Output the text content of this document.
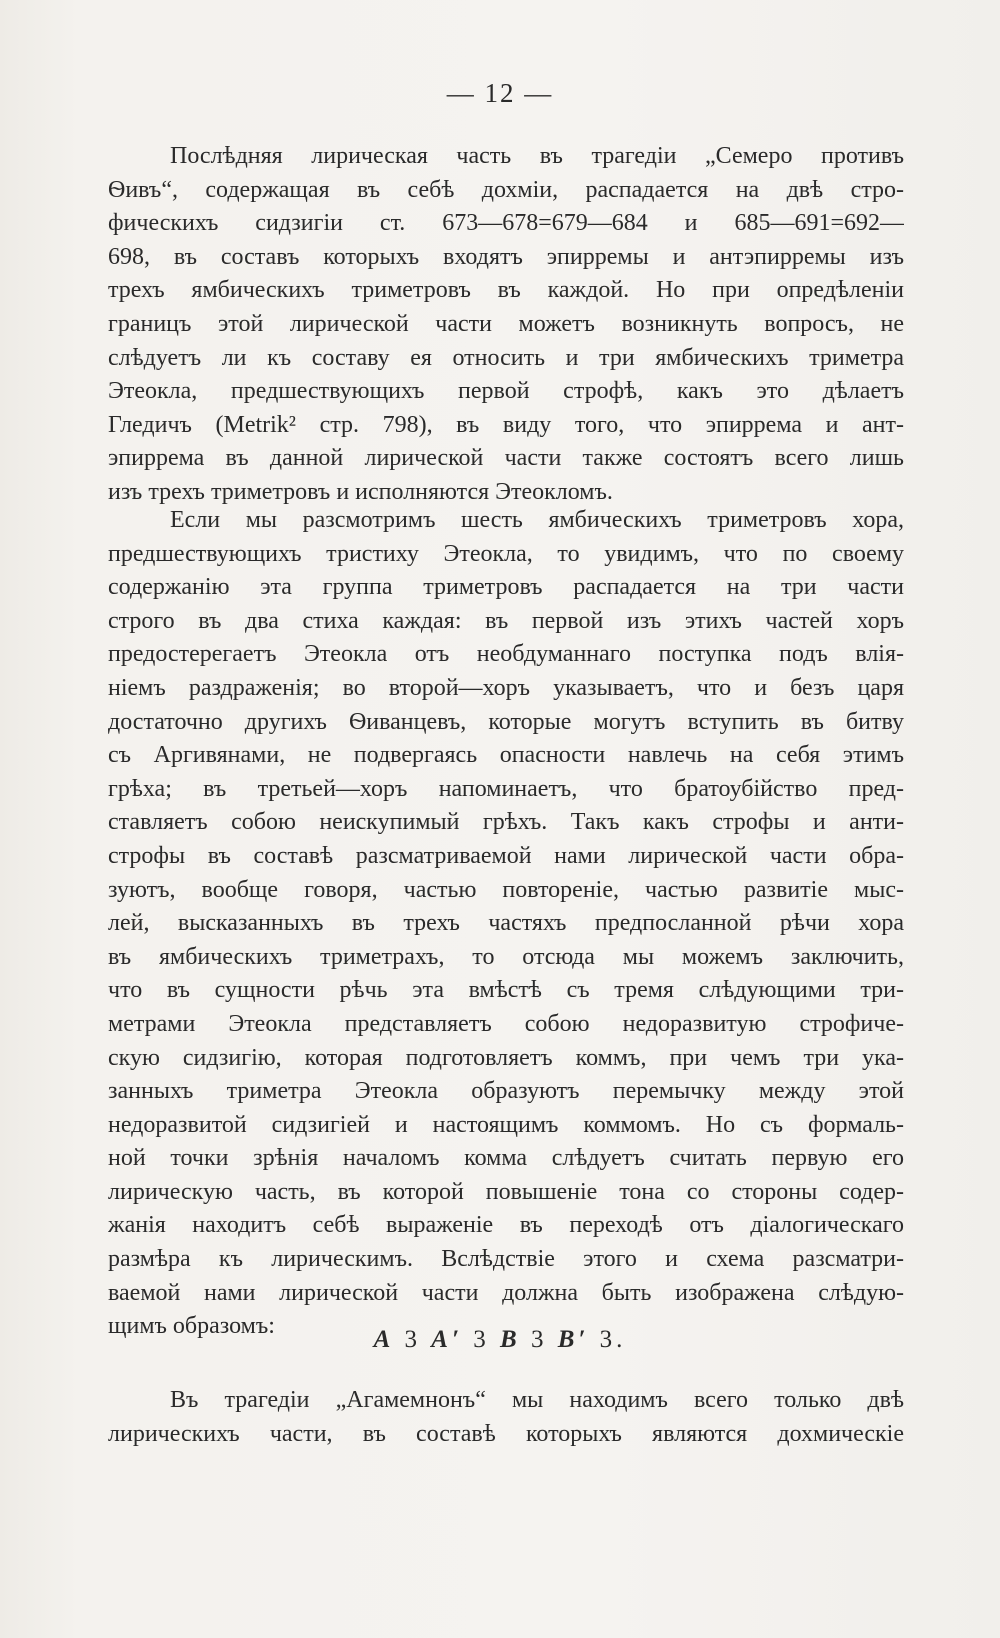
— 12 —
Послѣдняя лирическая часть въ трагедіи „Семеро противъ
Ѳивъ“, содержащая въ себѣ дохміи, распадается на двѣ стро-
фическихъ сидзигіи ст. 673—678=679—684 и 685—691=692—
698, въ составъ которыхъ входятъ эпирремы и антэпирремы изъ
трехъ ямбическихъ триметровъ въ каждой. Но при опредѣленіи
границъ этой лирической части можетъ возникнуть вопросъ, не
слѣдуетъ ли къ составу ея относить и три ямбическихъ триметра
Этеокла, предшествующихъ первой строфѣ, какъ это дѣлаетъ
Гледичъ (Metrik² стр. 798), въ виду того, что эпиррема и ант-
эпиррема въ данной лирической части также состоятъ всего лишь
изъ трехъ триметровъ и исполняются Этеокломъ.
Если мы разсмотримъ шесть ямбическихъ триметровъ хора,
предшествующихъ тристиху Этеокла, то увидимъ, что по своему
содержанію эта группа триметровъ распадается на три части
строго въ два стиха каждая: въ первой изъ этихъ частей хоръ
предостерегаетъ Этеокла отъ необдуманнаго поступка подъ влія-
ніемъ раздраженія; во второй—хоръ указываетъ, что и безъ царя
достаточно другихъ Ѳиванцевъ, которые могутъ вступить въ битву
съ Аргивянами, не подвергаясь опасности навлечь на себя этимъ
грѣха; въ третьей—хоръ напоминаетъ, что братоубійство пред-
ставляетъ собою неискупимый грѣхъ. Такъ какъ строфы и анти-
строфы въ составѣ разсматриваемой нами лирической части обра-
зуютъ, вообще говоря, частью повтореніе, частью развитіе мыс-
лей, высказанныхъ въ трехъ частяхъ предпосланной рѣчи хора
въ ямбическихъ триметрахъ, то отсюда мы можемъ заключить,
что въ сущности рѣчь эта вмѣстѣ съ тремя слѣдующими три-
метрами Этеокла представляетъ собою недоразвитую строфиче-
скую сидзигію, которая подготовляетъ коммъ, при чемъ три ука-
занныхъ триметра Этеокла образуютъ перемычку между этой
недоразвитой сидзигіей и настоящимъ коммомъ. Но съ формаль-
ной точки зрѣнія началомъ комма слѣдуетъ считать первую его
лирическую часть, въ которой повышеніе тона со стороны содер-
жанія находитъ себѣ выраженіе въ переходѣ отъ діалогическаго
размѣра къ лирическимъ. Вслѣдствіе этого и схема разсматри-
ваемой нами лирической части должна быть изображена слѣдую-
щимъ образомъ:	A 3 A′ 3 B 3 B′ 3.
Въ трагедіи „Агамемнонъ“ мы находимъ всего только двѣ
лирическихъ части, въ составѣ которыхъ являются дохмическіе
